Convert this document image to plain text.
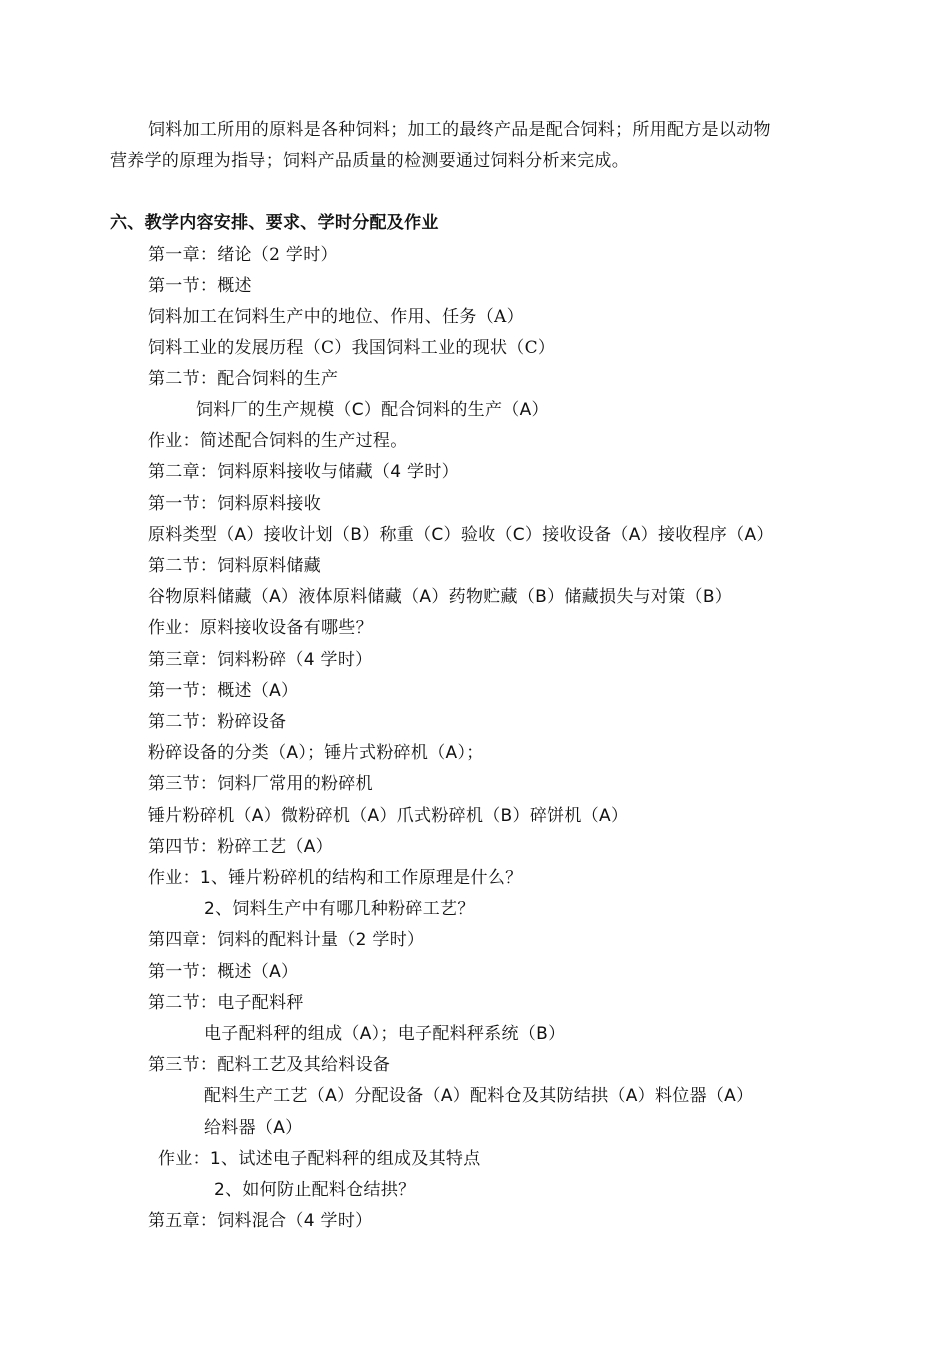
饲料加工所用的原料是各种饲料；加工的最终产品是配合饲料；所用配方是以动物
营养学的原理为指导；饲料产品质量的检测要通过饲料分析来完成。
六、教学内容安排、要求、学时分配及作业
第一章：绪论（2 学时）
第一节：概述
饲料加工在饲料生产中的地位、作用、任务（A）
饲料工业的发展历程（C）我国饲料工业的现状（C）
第二节：配合饲料的生产
饲料厂的生产规模（C）配合饲料的生产（A）
作业：简述配合饲料的生产过程。
第二章：饲料原料接收与储藏（4 学时）
第一节：饲料原料接收
原料类型（A）接收计划（B）称重（C）验收（C）接收设备（A）接收程序（A）
第二节：饲料原料储藏
谷物原料储藏（A）液体原料储藏（A）药物贮藏（B）储藏损失与对策（B）
作业：原料接收设备有哪些？
第三章：饲料粉碎（4 学时）
第一节：概述（A）
第二节：粉碎设备
粉碎设备的分类（A）；锤片式粉碎机（A）；
第三节：饲料厂常用的粉碎机
锤片粉碎机（A）微粉碎机（A）爪式粉碎机（B）碎饼机（A）
第四节：粉碎工艺（A）
作业：1、锤片粉碎机的结构和工作原理是什么？
2、饲料生产中有哪几种粉碎工艺？
第四章：饲料的配料计量（2 学时）
第一节：概述（A）
第二节：电子配料秤
电子配料秤的组成（A）；电子配料秤系统（B）
第三节：配料工艺及其给料设备
配料生产工艺（A）分配设备（A）配料仓及其防结拱（A）料位器（A）
给料器（A）
作业：1、试述电子配料秤的组成及其特点
2、如何防止配料仓结拱？
第五章：饲料混合（4 学时）
